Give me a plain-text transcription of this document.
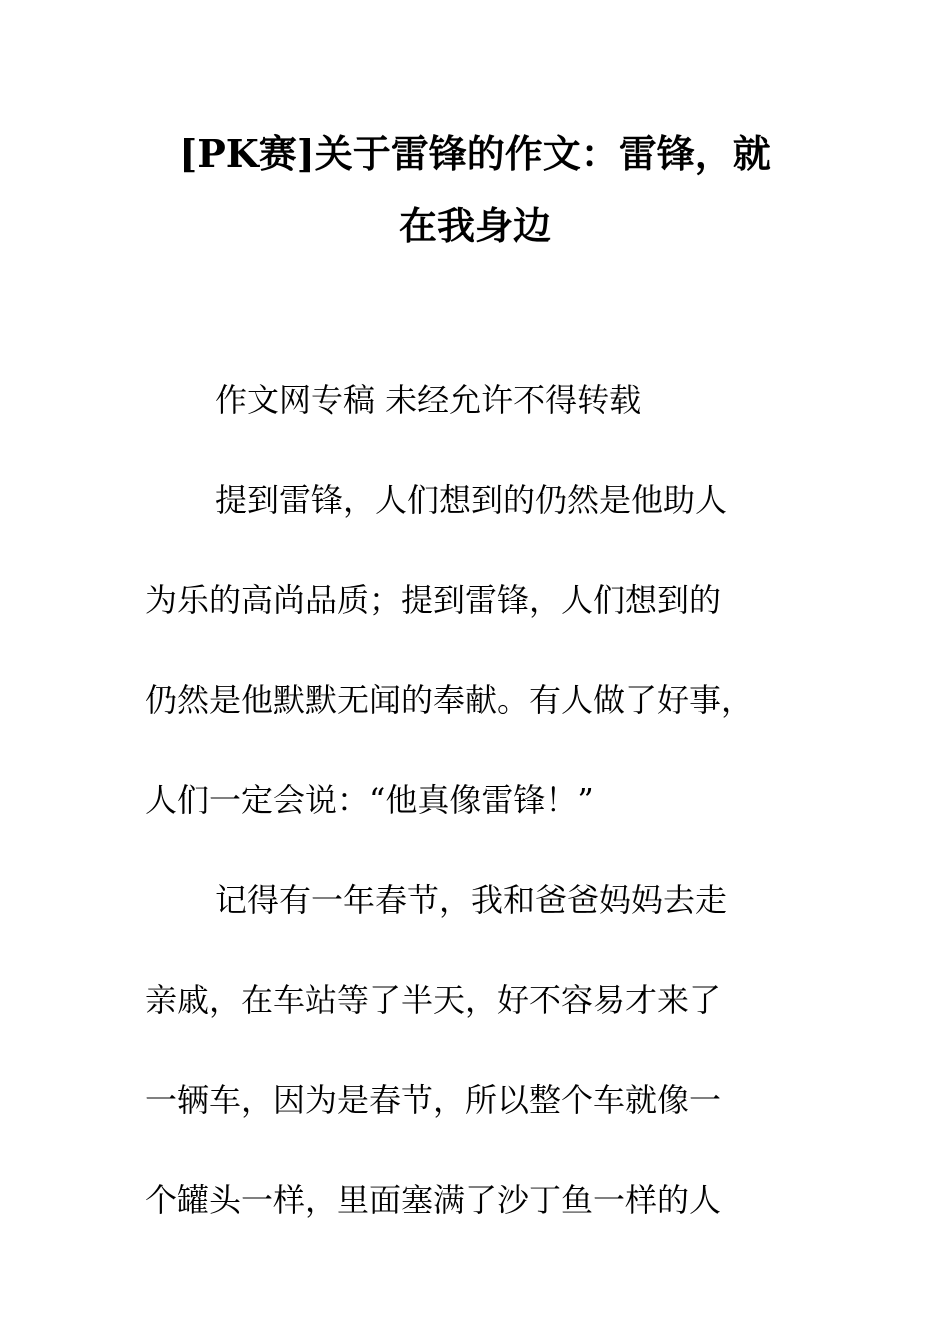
[PK赛]关于雷锋的作文：雷锋，就
在我身边
作文网专稿 未经允许不得转载
提到雷锋，人们想到的仍然是他助人
为乐的高尚品质；提到雷锋，人们想到的
仍然是他默默无闻的奉献。有人做了好事，
人们一定会说：“他真像雷锋！”
记得有一年春节，我和爸爸妈妈去走
亲戚，在车站等了半天，好不容易才来了
一辆车，因为是春节，所以整个车就像一
个罐头一样，里面塞满了沙丁鱼一样的人
